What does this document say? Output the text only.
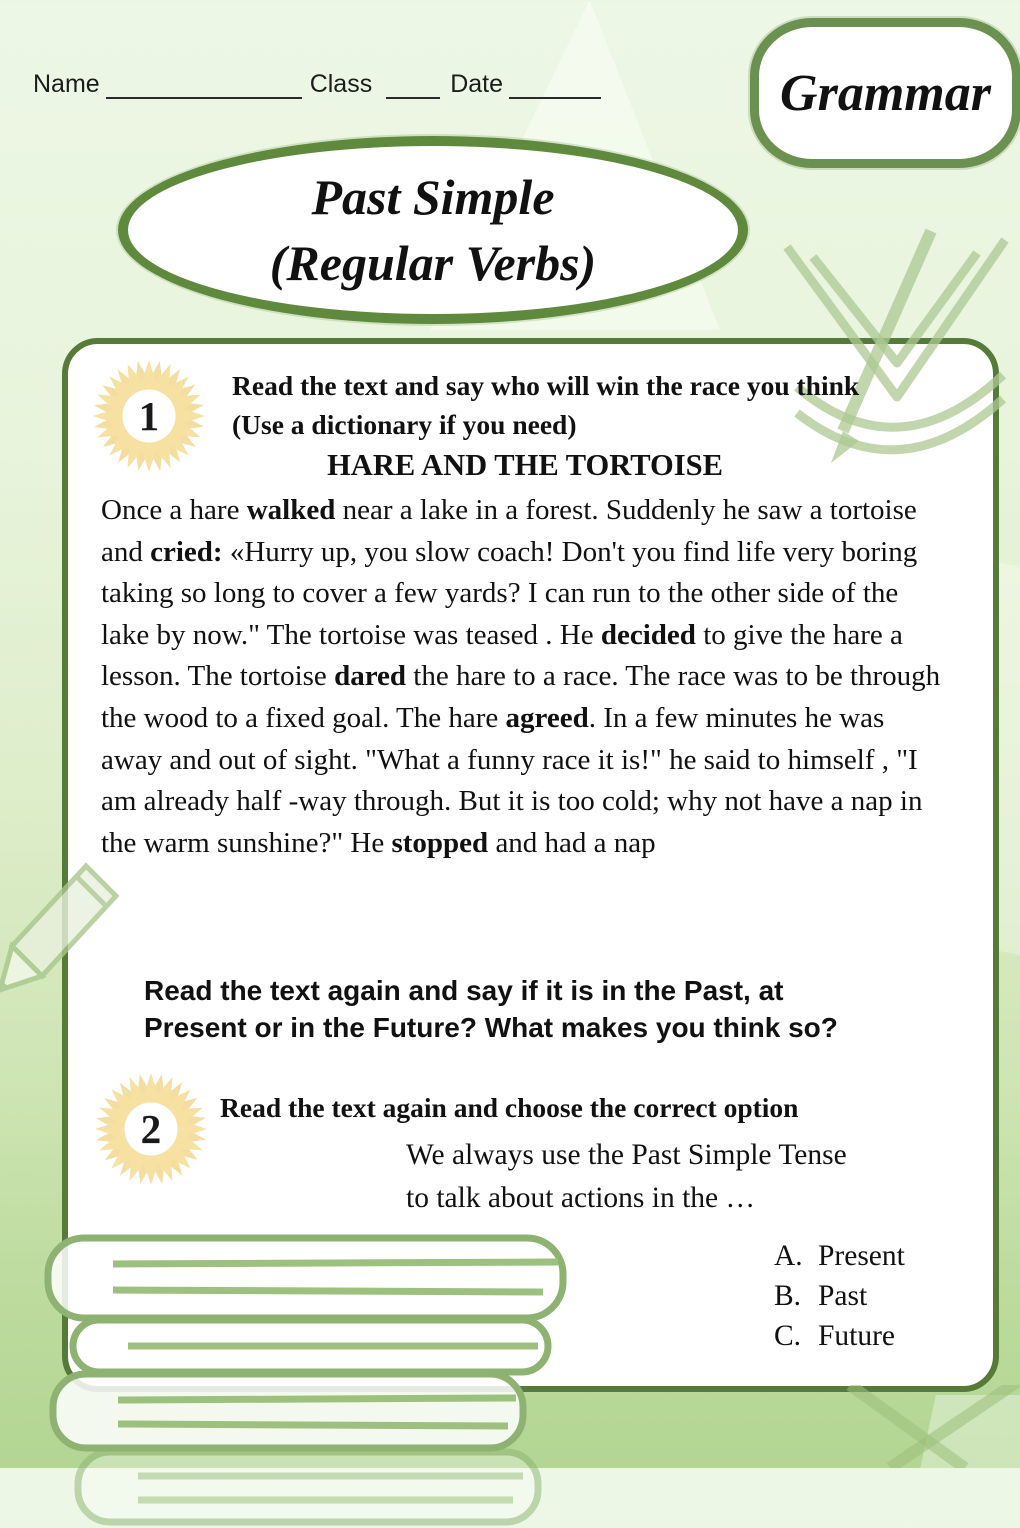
Name	Class	Date	Grammar
Past Simple
(Regular Verbs)
1
Read the text and say who will win the race you think
(Use a dictionary if you need)
HARE AND THE TORTOISE
Once a hare walked near a lake in a forest. Suddenly he saw a tortoise and cried: «Hurry up, you slow coach! Don't you find life very boring taking so long to cover a few yards? I can run to the other side of the lake by now." The tortoise was teased . He decided to give the hare a lesson. The tortoise dared the hare to a race. The race was to be through the wood to a fixed goal. The hare agreed. In a few minutes he was away and out of sight. "What a funny race it is!" he said to himself , "I am already half -way through. But it is too cold; why not have a nap in the warm sunshine?" He stopped and had a nap
Read the text again and say if it is in the Past, at
Present or in the Future? What makes you think so?
2 Read the text again and choose the correct option
We always use the Past Simple Tense
to talk about actions in the …
A. Present
B. Past
C. Future
